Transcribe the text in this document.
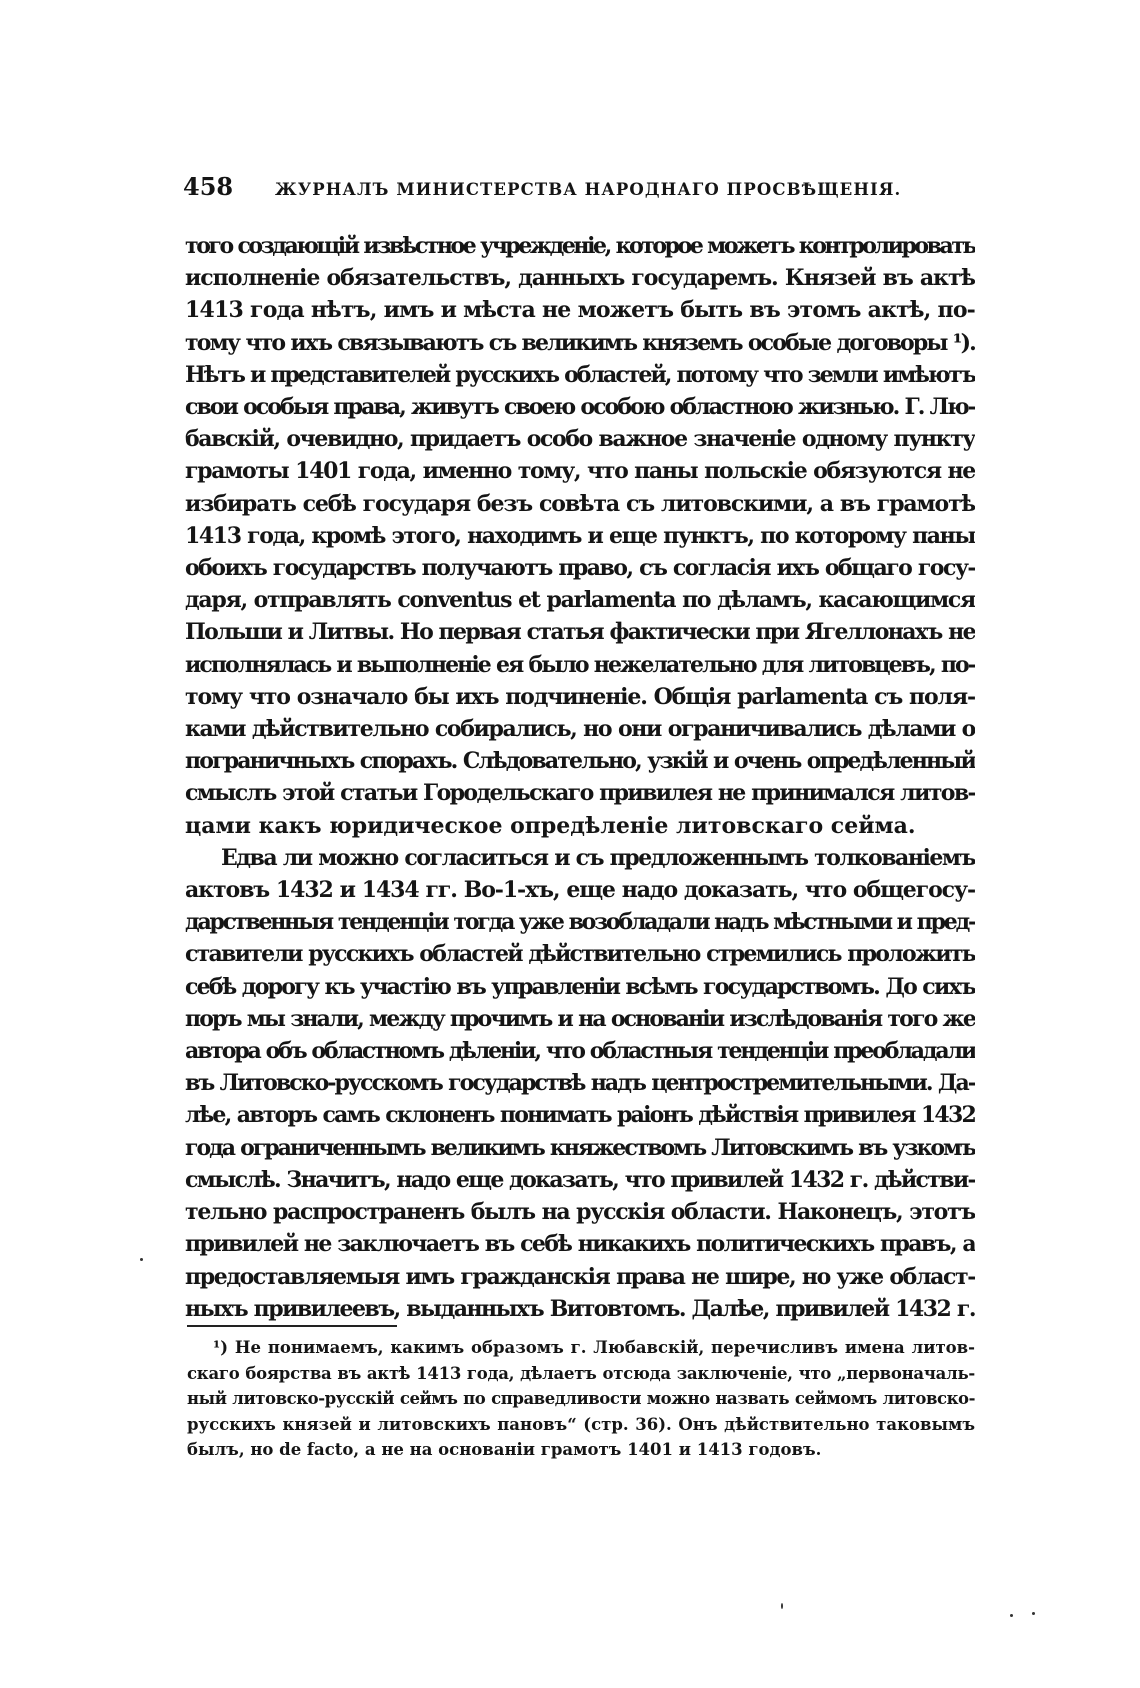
458	ЖУРНАЛЪ МИНИСТЕРСТВА НАРОДНАГО ПРОСВѢЩЕНІЯ.
того создающій извѣстное учрежденіе, которое можетъ контролировать
исполненіе обязательствъ, данныхъ государемъ. Князей въ актѣ
1413 года нѣтъ, имъ и мѣста не можетъ быть въ этомъ актѣ, по-
тому что ихъ связываютъ съ великимъ княземъ особые договоры ¹).
Нѣтъ и представителей русскихъ областей, потому что земли имѣютъ
свои особыя права, живутъ своею особою областною жизнью. Г. Лю-
бавскій, очевидно, придаетъ особо важное значеніе одному пункту
грамоты 1401 года, именно тому, что паны польскіе обязуются не
избирать себѣ государя безъ совѣта съ литовскими, а въ грамотѣ
1413 года, кромѣ этого, находимъ и еще пунктъ, по которому паны
обоихъ государствъ получаютъ право, съ согласія ихъ общаго госу-
даря, отправлять conventus et parlamenta по дѣламъ, касающимся
Польши и Литвы. Но первая статья фактически при Ягеллонахъ не
исполнялась и выполненіе ея было нежелательно для литовцевъ, по-
тому что означало бы ихъ подчиненіе. Общія parlamenta съ поля-
ками дѣйствительно собирались, но они ограничивались дѣлами о
пограничныхъ спорахъ. Слѣдовательно, узкій и очень опредѣленный
смыслъ этой статьи Городельскаго привилея не принимался литов-
цами какъ юридическое опредѣленіе литовскаго сейма.
Едва ли можно согласиться и съ предложеннымъ толкованіемъ
актовъ 1432 и 1434 гг. Во-1-хъ, еще надо доказать, что общегосу-
дарственныя тенденціи тогда уже возобладали надъ мѣстными и пред-
ставители русскихъ областей дѣйствительно стремились проложить
себѣ дорогу къ участію въ управленіи всѣмъ государствомъ. До сихъ
поръ мы знали, между прочимъ и на основаніи изслѣдованія того же
автора объ областномъ дѣленіи, что областныя тенденціи преобладали
въ Литовско-русскомъ государствѣ надъ центростремительными. Да-
лѣе, авторъ самъ склоненъ понимать раіонъ дѣйствія привилея 1432
года ограниченнымъ великимъ княжествомъ Литовскимъ въ узкомъ
смыслѣ. Значитъ, надо еще доказать, что привилей 1432 г. дѣйстви-
тельно распространенъ былъ на русскія области. Наконецъ, этотъ
привилей не заключаетъ въ себѣ никакихъ политическихъ правъ, а
предоставляемыя имъ гражданскія права не шире, но уже област-
ныхъ привилеевъ, выданныхъ Витовтомъ. Далѣе, привилей 1432 г.
¹) Не понимаемъ, какимъ образомъ г. Любавскій, перечисливъ имена литов-
скаго боярства въ актѣ 1413 года, дѣлаетъ отсюда заключеніе, что „первоначаль-
ный литовско-русскій сеймъ по справедливости можно назвать сеймомъ литовско-
русскихъ князей и литовскихъ пановъ“ (стр. 36). Онъ дѣйствительно таковымъ
былъ, но de facto, а не на основаніи грамотъ 1401 и 1413 годовъ.
